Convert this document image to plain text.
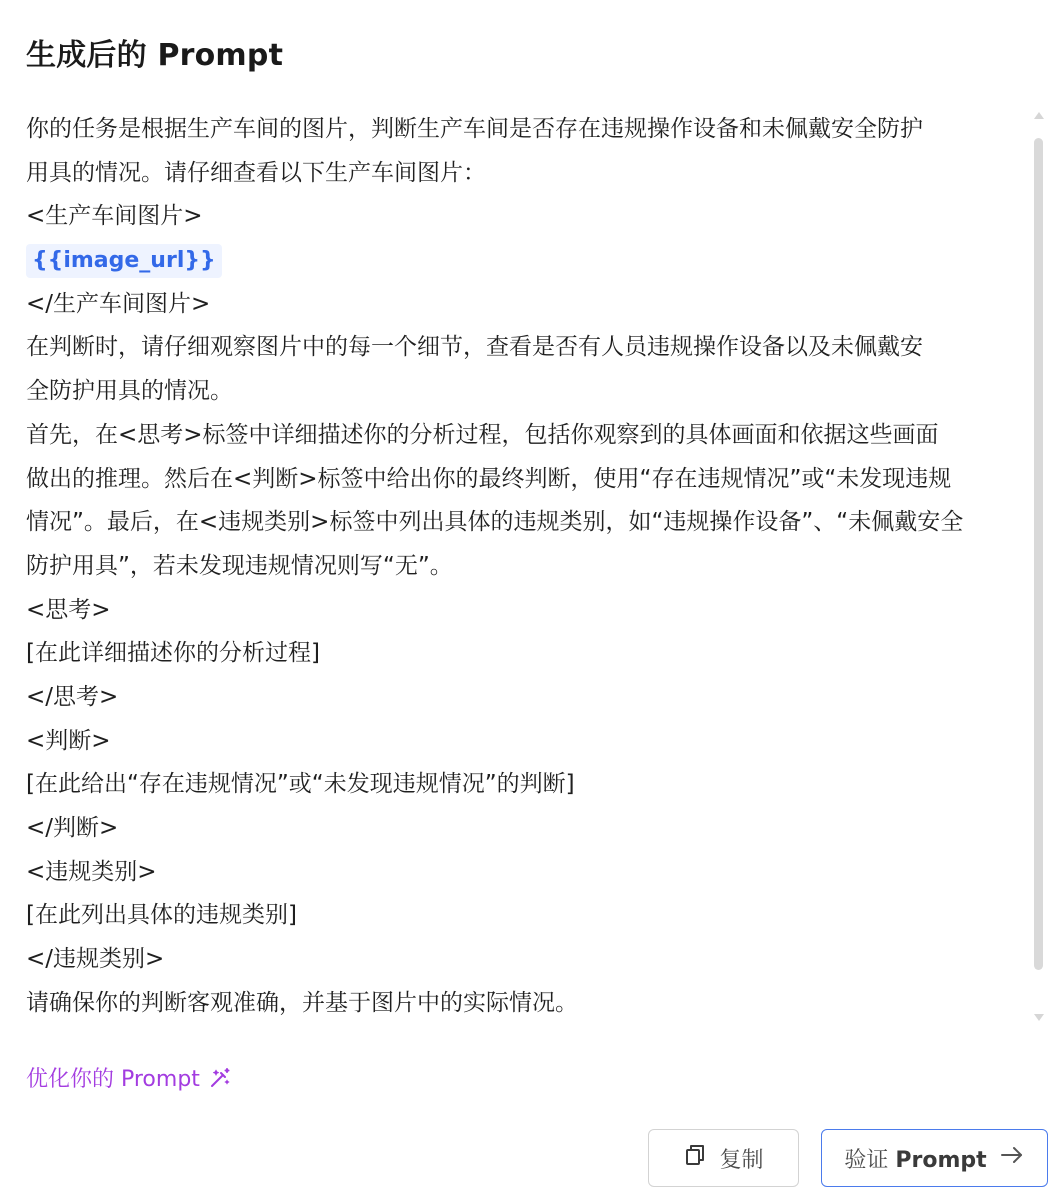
生成后的 Prompt
你的任务是根据生产车间的图片，判断生产车间是否存在违规操作设备和未佩戴安全防护
用具的情况。请仔细查看以下生产车间图片：
<生产车间图片>
{{image_url}}
</生产车间图片>
在判断时，请仔细观察图片中的每一个细节，查看是否有人员违规操作设备以及未佩戴安
全防护用具的情况。
首先，在<思考>标签中详细描述你的分析过程，包括你观察到的具体画面和依据这些画面
做出的推理。然后在<判断>标签中给出你的最终判断，使用“存在违规情况”或“未发现违规
情况”。最后，在<违规类别>标签中列出具体的违规类别，如“违规操作设备”、“未佩戴安全
防护用具”，若未发现违规情况则写“无”。
<思考>
[在此详细描述你的分析过程]
</思考>
<判断>
[在此给出“存在违规情况”或“未发现违规情况”的判断]
</判断>
<违规类别>
[在此列出具体的违规类别]
</违规类别>
请确保你的判断客观准确，并基于图片中的实际情况。
优化你的 Prompt
复制	验证 Prompt
